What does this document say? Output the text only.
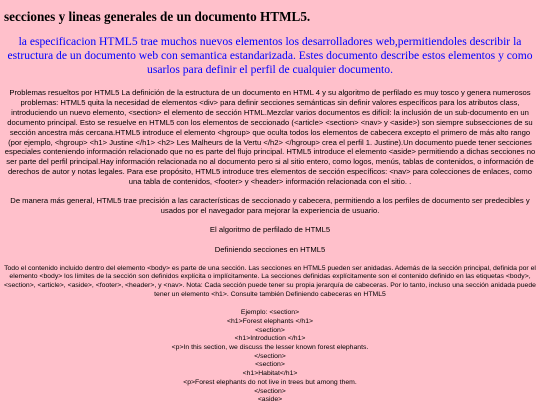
secciones y lineas generales de un documento HTML5.

la especificacion HTML5 trae muchos nuevos elementos los desarrolladores web,permitiendoles describir la estructura de un documento web con semantica estandarizada. Estes documento describe estos elementos y como usarlos para definir el perfil de cualquier documento.

Problemas resueltos por HTML5 La definición de la estructura de un documento en HTML 4 y su algoritmo de perfilado es muy tosco y genera numerosos problemas: HTML5 quita la necesidad de elementos <div> para definir secciones semánticas sin definir valores específicos para los atributos class, introduciendo un nuevo elemento, <section> el elemento de sección HTML.Mezclar varios documentos es difícil: la inclusión de un sub-documento en un documento principal. Esto se resuelve en HTML5 con los elementos de seccionado (<article> <section> <nav> y <aside>) son siempre subsecciones de su sección ancestra más cercana.HTML5 introduce el elemento <hgroup> que oculta todos los elementos de cabecera excepto el primero de más alto rango (por ejemplo, <hgroup> <h1> Justine </h1> <h2> Les Malheurs de la Vertu </h2> </hgroup> crea el perfil 1. Justine).Un documento puede tener secciones especiales conteniendo información relacionado que no es parte del flujo principal. HTML5 introduce el elemento <aside> permitiendo a dichas secciones no ser parte del perfil principal.Hay información relacionada no al documento pero si al sitio entero, como logos, menús, tablas de contenidos, o información de derechos de autor y notas legales. Para ese propósito, HTML5 introduce tres elementos de sección específicos: <nav> para colecciones de enlaces, como una tabla de contenidos, <footer> y <header> información relacionada con el sitio. .

De manera más general, HTML5 trae precisión a las características de seccionado y cabecera, permitiendo a los perfiles de documento ser predecibles y usados por el navegador para mejorar la experiencia de usuario.

El algoritmo de perfilado de HTML5

Definiendo secciones en HTML5

Todo el contenido incluido dentro del elemento <body> es parte de una sección. Las secciones en HTML5 pueden ser anidadas. Además de la sección principal, definida por el elemento <body> los límites de la sección son definidos explícita o implícitamente. La secciones definidas explícitamente son el contenido definido en las etiquetas <body>, <section>, <article>, <aside>, <footer>, <header>, y <nav>. Nota: Cada sección puede tener su propia jerarquía de cabeceras. Por lo tanto, incluso una sección anidada puede tener un elemento <h1>. Consulte también Definiendo cabeceras en HTML5

Ejemplo: <section>
<h1>Forest elephants </h1>
<section>
<h1>Introduction </h1>
<p>In this section, we discuss the lesser known forest elephants.
</section>
<section>
<h1>Habitat</h1>
<p>Forest elephants do not live in trees but among them.
</section>
<aside>
